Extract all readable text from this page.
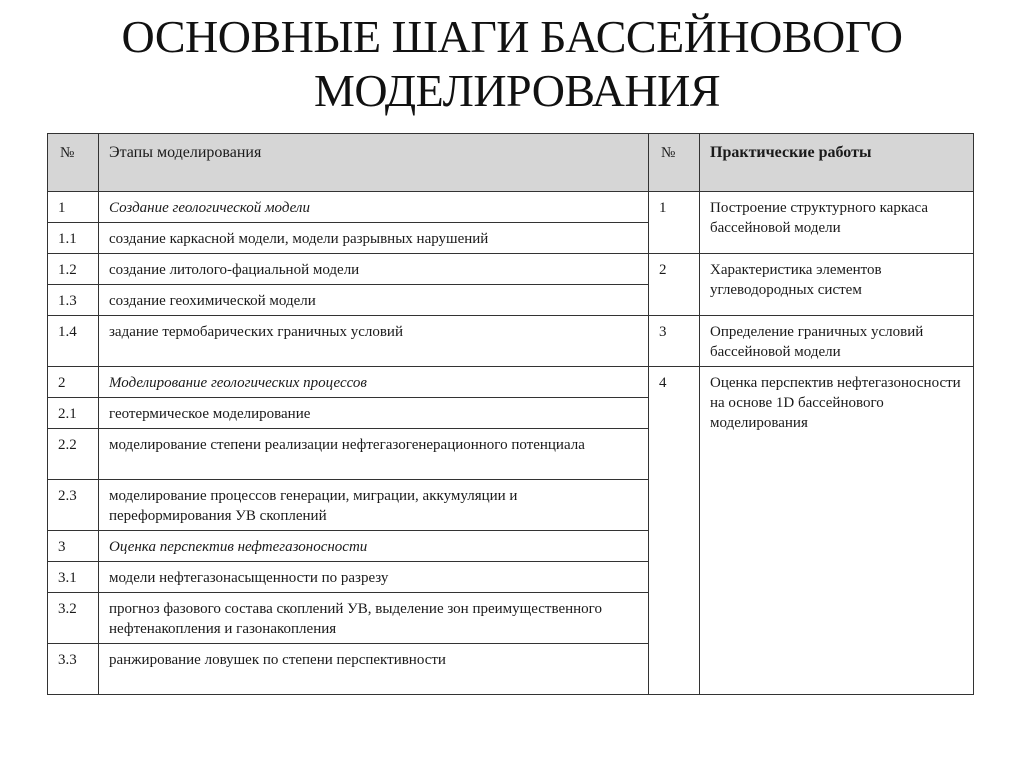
ОСНОВНЫЕ ШАГИ БАССЕЙНОВОГО
МОДЕЛИРОВАНИЯ
№	Этапы моделирования	№	Практические работы
1	Создание геологической модели	1	Построение структурного каркаса бассейновой модели
1.1	создание каркасной модели, модели разрывных нарушений		
1.2	создание литолого-фациальной модели	2	Характеристика элементов углеводородных систем
1.3	создание геохимической модели		
1.4	задание термобарических граничных условий	3	Определение граничных условий бассейновой модели
2	Моделирование геологических процессов	4	Оценка перспектив нефтегазоносности на основе 1D бассейнового моделирования
2.1	геотермическое моделирование		
2.2	моделирование степени реализации нефтегазогенерационного потенциала		
2.3	моделирование процессов генерации, миграции, аккумуляции и переформирования УВ скоплений		
3	Оценка перспектив нефтегазоносности		
3.1	модели нефтегазонасыщенности по разрезу		
3.2	прогноз фазового состава скоплений УВ, выделение зон преимущественного нефтенакопления и газонакопления		
3.3	ранжирование ловушек по степени перспективности		
